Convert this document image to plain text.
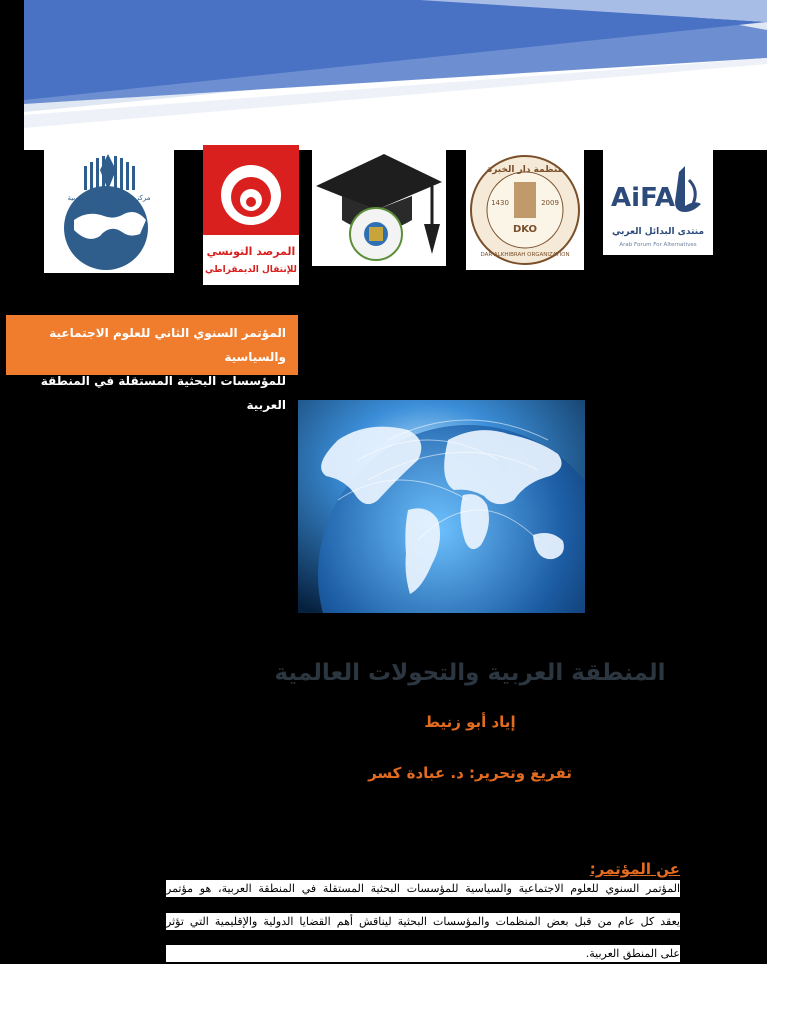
مركز دراسات الوحدة العربية
المرصد التونسي
للإنتقال الديمقراطي
منظمة دار الخبرة
1430	2009
DKO
DAR ALKHIBRAH ORGANIZATION
AiFA
منتدى البدائل العربي
Arab Forum For Alternatives
المؤتمر السنوي الثاني للعلوم الاجتماعية والسياسية
للمؤسسات البحثية المستقلة في المنطقة العربية
المنطقة العربية والتحولات العالمية
إياد أبو زنيط
تفريغ وتحرير: د. عبادة كسر
عن المؤتمر:
المؤتمر السنوي للعلوم الاجتماعية والسياسية للمؤسسات البحثية المستقلة في المنطقة العربية، هو مؤتمر
يعقد كل عام من قبل بعض المنظمات والمؤسسات البحثية ليناقش أهم القضايا الدولية والإقليمية التي تؤثر
على المنطق العربية.
